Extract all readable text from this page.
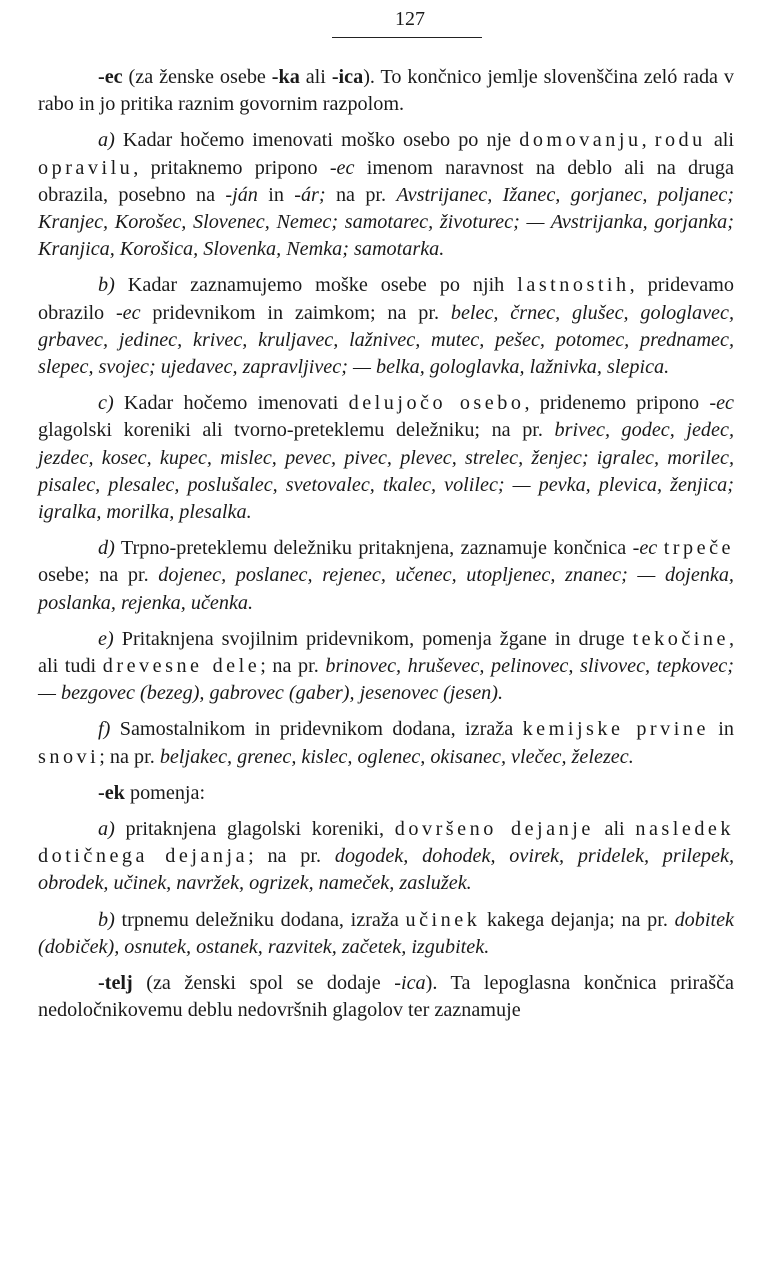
127

-ec (za ženske osebe -ka ali -ica). To končnico jemlje slovenščina zeló rada v rabo in jo pritika raznim govornim razpolom.

a) Kadar hočemo imenovati moško osebo po nje domovanju, rodu ali opravilu, pritaknemo pripono -ec imenom naravnost na deblo ali na druga obrazila, posebno na -ján in -ár; na pr. Avstrijanec, Ižanec, gorjanec, poljanec; Kranjec, Korošec, Slovenec, Nemec; samotarec, životurec; — Avstrijanka, gorjanka; Kranjica, Korošica, Slovenka, Nemka; samotarka.

b) Kadar zaznamujemo moške osebe po njih lastnostih, pridevamo obrazilo -ec pridevnikom in zaimkom; na pr. belec, črnec, glušec, gologlavec, grbavec, jedinec, krivec, kruljavec, lažnivec, mutec, pešec, potomec, prednamec, slepec, svojec; ujedavec, zapravljivec; — belka, gologlavka, lažnivka, slepica.

c) Kadar hočemo imenovati delujočo osebo, pridenemo pripono -ec glagolski koreniki ali tvorno-preteklemu deležniku; na pr. brivec, godec, jedec, jezdec, kosec, kupec, mislec, pevec, pivec, plevec, strelec, ženjec; igralec, morilec, pisalec, plesalec, poslušalec, svetovalec, tkalec, volilec; — pevka, plevica, ženjica; igralka, morilka, plesalka.

d) Trpno-preteklemu deležniku pritaknjena, zaznamuje končnica -ec trpeče osebe; na pr. dojenec, poslanec, rejenec, učenec, utopljenec, znanec; — dojenka, poslanka, rejenka, učenka.

e) Pritaknjena svojilnim pridevnikom, pomenja žgane in druge tekočine, ali tudi drevesne dele; na pr. brinovec, hruševec, pelinovec, slivovec, tepkovec; — bezgovec (bezeg), gabrovec (gaber), jesenovec (jesen).

f) Samostalnikom in pridevnikom dodana, izraža kemijske prvine in snovi; na pr. beljakec, grenec, kislec, oglenec, okisanec, vlečec, železec.

-ek pomenja:

a) pritaknjena glagolski koreniki, dovršeno dejanje ali nasledek dotičnega dejanja; na pr. dogodek, dohodek, ovirek, pridelek, prilepek, obrodek, učinek, navržek, ogrizek, nameček, zaslužek.

b) trpnemu deležniku dodana, izraža učinek kakega dejanja; na pr. dobitek (dobiček), osnutek, ostanek, razvitek, začetek, izgubitek.

-telj (za ženski spol se dodaje -ica). Ta lepoglasna končnica prirašča nedoločnikovemu deblu nedovršnih glagolov ter zaznamuje
